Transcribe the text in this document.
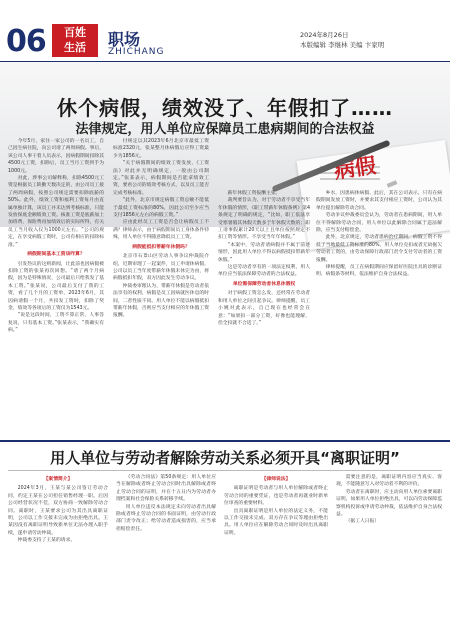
06	百姓
生活	职场
ZHICHANG
2024年8月26日
本版编辑 李继林 美编 卞家明
病假
休个病假，绩效没了、年假扣了……
法律规定，用人单位应保障员工患病期间的合法权益

今年5月，家住一家公司的一名员工，自己因生病住院，向公司请了两周病假。事后，该公司人事干着人员表示，因病假期间扣除其4500元工资，扣除后，员工当月工资到手为1000元。

对此，涉事公司解释称，扣除4500元工资是根据员工缺勤天数决定的，由公司员工接了两周病假，按照公司规定需要扣除底薪的50%。此外，绩效工资和福利工资每月由直属单独计算，该员工并未达到考核标准，只能发放保底金额绩效工资。核准工资是底薪加上加班费、保险费再加绩效后的实际所得，有关员工当月收入仅为1000元左右。“公司的规定，在享受病假工资时，公司有相应的扣除标准。”

病假期间基本工资该咋算？

引发热议的这则新闻，让此前也因病假被扣除工资的张某再次回想。“请了两个月病假，因为是特殊情况，公司最后只给我发了基本工资。”张某说，公司最后支付了我的工资，看了几个月的工资单，2023年6月，其因病请假一个月，共扣发工资时，扣除了奖金、绩效等各项后的工资仅为1543元。

“说是这段时间，工资不算正常，人事答复说，只有基本工资。”张某表示，“我确实有病。”

付规定以其2023年6月北京市最低工资标准2320元，张某整月休病假后应得工资最少为1856元。

“关于病假期间的绩效工资发放，《工资法》对此并无明确规定，一般由公司制定。”张某表示，病假期间是否能拿绩效工资，要看公司的绩效考核方式，以及员工能否完成考核标准。

“此外，北京市规定病假工资总额不能低于最低工资标准的80%，因此公司至少应当支付1856元左右的病假工资。”

应由此经员工工资是否会让病假员工不满？律师表示，由于病假期间员工身体条件特殊，用人单位不得随意降低员工工资。

病假能抵扣带薪年休假吗？

北京市石景山区劳动人事争议仲裁院介绍，近期审理了一起案件，员工申请休病假，公司以员工当年度带薪年休假未休完为由，将病假抵扣年假，双方因此发生劳动争议。

仲裁委审理认为，带薪年休假是劳动者依法享有的权利，病假是员工因病就医休息的时间，二者性质不同。用人单位不能以病假抵扣带薪年休假，否则应当支付相应的年休假工资报酬。

薪年休假工资报酬主张。

裁判要旨认为，对于劳动者不享受当年年休假的情形，《职工带薪年休假条例》第4条规定了明确的规定，“比如，职工依法享受寒暑假其休假天数多于年休假天数的；职工请事假累计20天以上且单位按照规定不扣工资等情形。不享受当年年休假。”

“本案中，劳动者请病假并不属于前述情形，因此用人单位不得以病假抵扣带薪年休假。”

这是劳动者享有的一项法定权利，用人单位应当依法保障劳动者的合法权益。

单位需保障劳动者休息休假权

对于病假工资怎么发，还经常在劳动者和用人单位之间引起争议。律师提醒，员工小姚对此表示，自己现在也经常会在意：“如果扣一部分工资，好像也能理解，但全扣就不合适了。”

乡水，因患病休病假、此后，其在公司表示，只有在病假期间发放工资时，并要求其支付相应工资时，公司认为其单位提出解除劳动合同。

劳动争议仲裁委员会认为，劳动者在患病期间，用人单位不得解除劳动合同，用人单位以此解除合同属于违法解除，应当支付赔偿金。

此外，北京规定，劳动者患病治疗期间，病假工资不得低于当地最低工资标准的80%，用人单位克扣或者无故拖欠劳动者工资的，由劳动保障行政部门责令支付劳动者的工资报酬。

律师提醒，员工在病假期间应保留好医院出具的诊断证明、病假条等材料，依法维护自身合法权益。

用人单位与劳动者解除劳动关系必须开具“离职证明”

【案情简介】

2024年3月，王某与某公司签订劳动合同，约定王某在公司担任销售经理一职。后因公司经营状况不佳，双方协商一致解除劳动合同。离职时，王某要求公司为其出具离职证明，公司以工作交接未完成为由拒绝出具。王某因没有离职证明导致新单位无法办理入职手续，遂申请劳动仲裁。

仲裁委支持了王某的请求。

《劳动合同法》第50条规定：用人单位应当在解除或者终止劳动合同时出具解除或者终止劳动合同的证明，并在十五日内为劳动者办理档案和社会保险关系转移手续。

用人单位违反本法规定未向劳动者出具解除或者终止劳动合同的书面证明，由劳动行政部门责令改正；给劳动者造成损害的，应当承担赔偿责任。

【律师说法】

离职证明是劳动者与用人单位解除或者终止劳动合同的重要凭证，也是劳动者再就业时新单位审查的重要材料。

出具离职证明是用人单位的法定义务，不能以工作交接未完成、双方存在争议等理由拒绝出具。用人单位应在解除劳动合同时及时出具离职证明。

需要注意的是，离职证明内容应当真实、客观，不能随意写入对劳动者不利的评价。

劳动者在离职时，应主动向用人单位索要离职证明，如果用人单位拒绝出具，可以向劳动保障监察机构投诉或申请劳动仲裁，依法维护自身合法权益。

（据工人日报）
